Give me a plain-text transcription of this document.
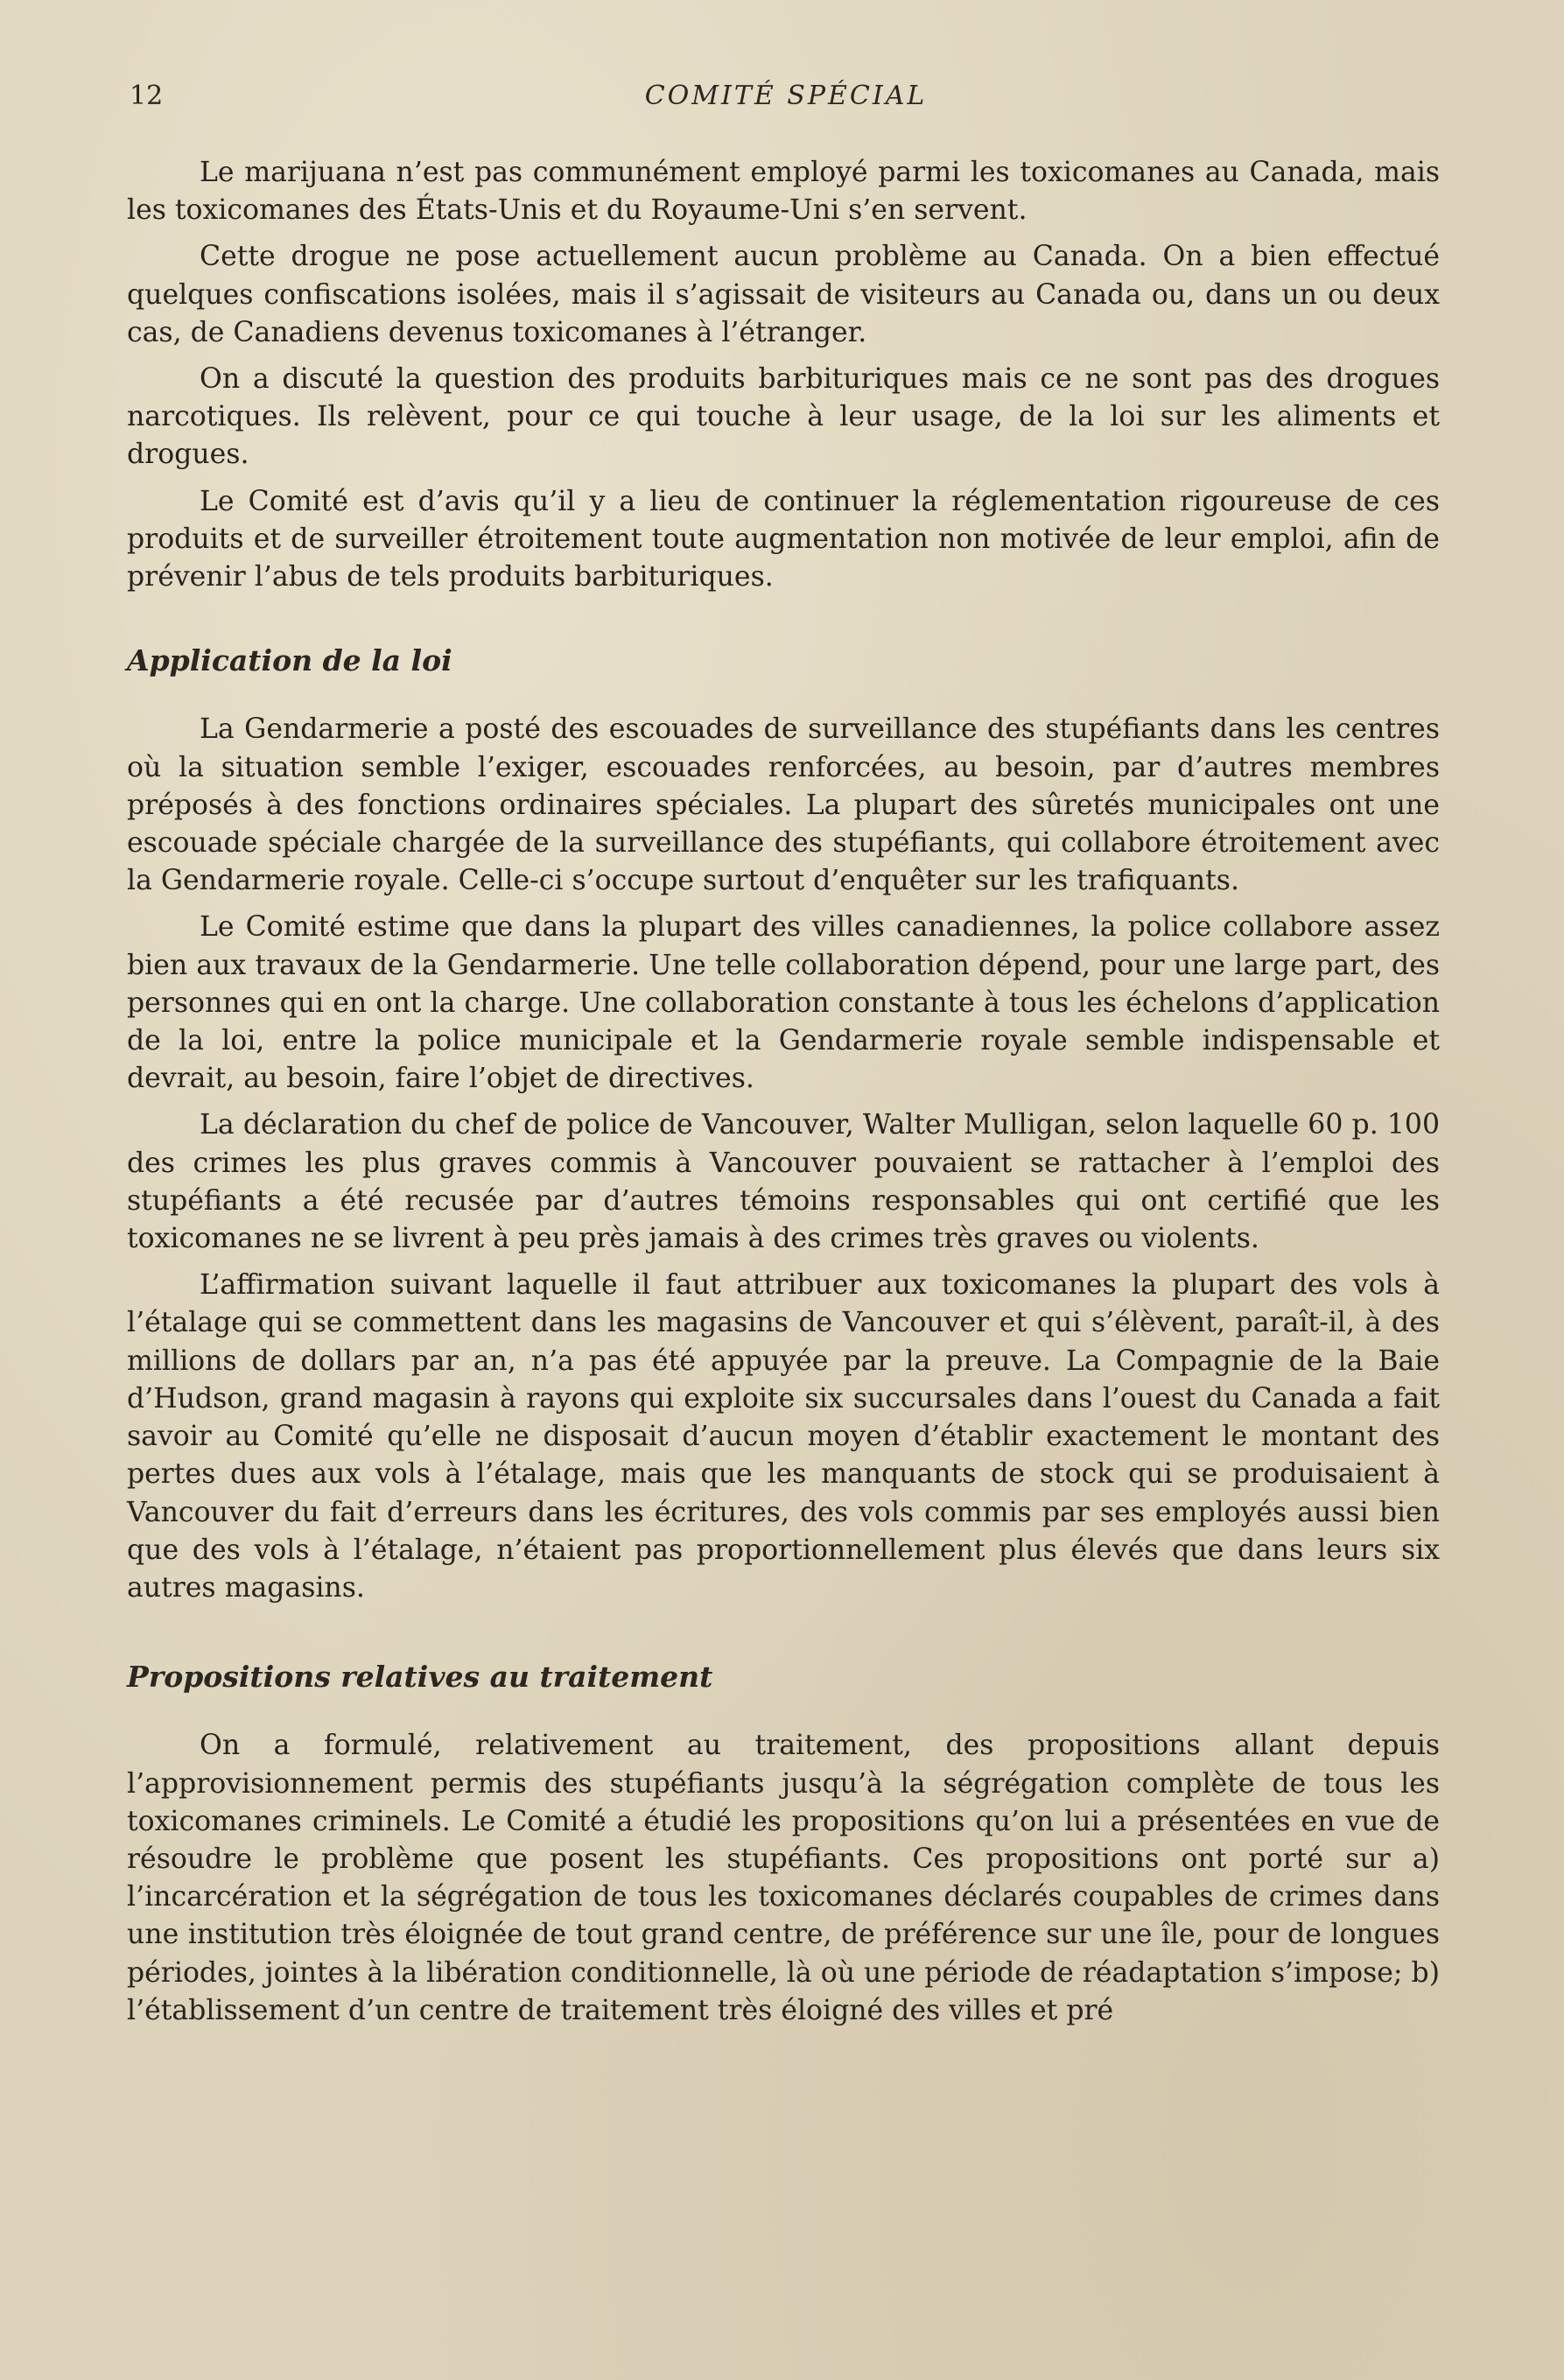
12	COMITÉ SPÉCIAL

Le marijuana n’est pas communément employé parmi les toxicomanes au Canada, mais les toxicomanes des États-Unis et du Royaume-Uni s’en servent.

Cette drogue ne pose actuellement aucun problème au Canada. On a bien effectué quelques confiscations isolées, mais il s’agissait de visiteurs au Canada ou, dans un ou deux cas, de Canadiens devenus toxicomanes à l’étranger.

On a discuté la question des produits barbituriques mais ce ne sont pas des drogues narcotiques. Ils relèvent, pour ce qui touche à leur usage, de la loi sur les aliments et drogues.

Le Comité est d’avis qu’il y a lieu de continuer la réglementation rigoureuse de ces produits et de surveiller étroitement toute augmentation non motivée de leur emploi, afin de prévenir l’abus de tels produits barbituriques.

Application de la loi

La Gendarmerie a posté des escouades de surveillance des stupéfiants dans les centres où la situation semble l’exiger, escouades renforcées, au besoin, par d’autres membres préposés à des fonctions ordinaires spéciales. La plupart des sûretés municipales ont une escouade spéciale chargée de la surveillance des stupéfiants, qui collabore étroitement avec la Gendarmerie royale. Celle-ci s’occupe surtout d’enquêter sur les trafiquants.

Le Comité estime que dans la plupart des villes canadiennes, la police collabore assez bien aux travaux de la Gendarmerie. Une telle collaboration dépend, pour une large part, des personnes qui en ont la charge. Une collaboration constante à tous les échelons d’application de la loi, entre la police municipale et la Gendarmerie royale semble indispensable et devrait, au besoin, faire l’objet de directives.

La déclaration du chef de police de Vancouver, Walter Mulligan, selon laquelle 60 p. 100 des crimes les plus graves commis à Vancouver pouvaient se rattacher à l’emploi des stupéfiants a été recusée par d’autres témoins responsables qui ont certifié que les toxicomanes ne se livrent à peu près jamais à des crimes très graves ou violents.

L’affirmation suivant laquelle il faut attribuer aux toxicomanes la plupart des vols à l’étalage qui se commettent dans les magasins de Vancouver et qui s’élèvent, paraît-il, à des millions de dollars par an, n’a pas été appuyée par la preuve. La Compagnie de la Baie d’Hudson, grand magasin à rayons qui exploite six succursales dans l’ouest du Canada a fait savoir au Comité qu’elle ne disposait d’aucun moyen d’établir exactement le montant des pertes dues aux vols à l’étalage, mais que les manquants de stock qui se produisaient à Vancouver du fait d’erreurs dans les écritures, des vols commis par ses employés aussi bien que des vols à l’étalage, n’étaient pas proportionnellement plus élevés que dans leurs six autres magasins.

Propositions relatives au traitement

On a formulé, relativement au traitement, des propositions allant depuis l’approvisionnement permis des stupéfiants jusqu’à la ségrégation complète de tous les toxicomanes criminels. Le Comité a étudié les propositions qu’on lui a présentées en vue de résoudre le problème que posent les stupéfiants. Ces propositions ont porté sur a) l’incarcération et la ségrégation de tous les toxicomanes déclarés coupables de crimes dans une institution très éloignée de tout grand centre, de préférence sur une île, pour de longues périodes, jointes à la libération conditionnelle, là où une période de réadaptation s’impose; b) l’établissement d’un centre de traitement très éloigné des villes et pré
